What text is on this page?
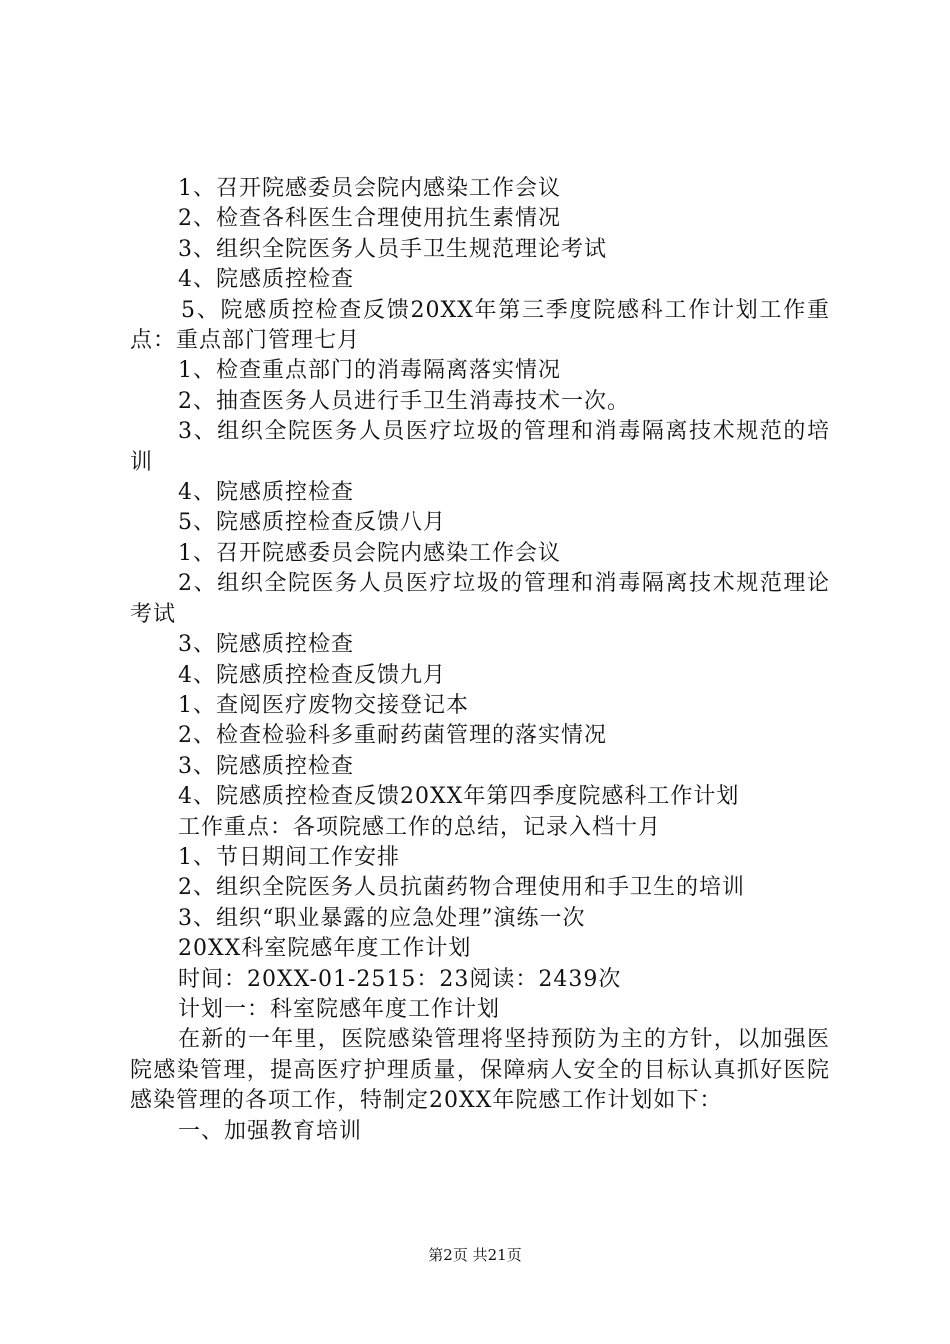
1、召开院感委员会院内感染工作会议

2、检查各科医生合理使用抗生素情况

3、组织全院医务人员手卫生规范理论考试

4、院感质控检查

5、院感质控检查反馈20XX年第三季度院感科工作计划工作重点：重点部门管理七月

1、检查重点部门的消毒隔离落实情况

2、抽查医务人员进行手卫生消毒技术一次。

3、组织全院医务人员医疗垃圾的管理和消毒隔离技术规范的培训

4、院感质控检查

5、院感质控检查反馈八月

1、召开院感委员会院内感染工作会议

2、组织全院医务人员医疗垃圾的管理和消毒隔离技术规范理论考试

3、院感质控检查

4、院感质控检查反馈九月

1、查阅医疗废物交接登记本

2、检查检验科多重耐药菌管理的落实情况

3、院感质控检查

4、院感质控检查反馈20XX年第四季度院感科工作计划

工作重点：各项院感工作的总结，记录入档十月

1、节日期间工作安排

2、组织全院医务人员抗菌药物合理使用和手卫生的培训

3、组织“职业暴露的应急处理”演练一次

20XX科室院感年度工作计划

时间：20XX-01-2515：23阅读：2439次

计划一：科室院感年度工作计划

在新的一年里，医院感染管理将坚持预防为主的方针，以加强医院感染管理，提高医疗护理质量，保障病人安全的目标认真抓好医院感染管理的各项工作，特制定20XX年院感工作计划如下：

一、加强教育培训

第2页 共21页
